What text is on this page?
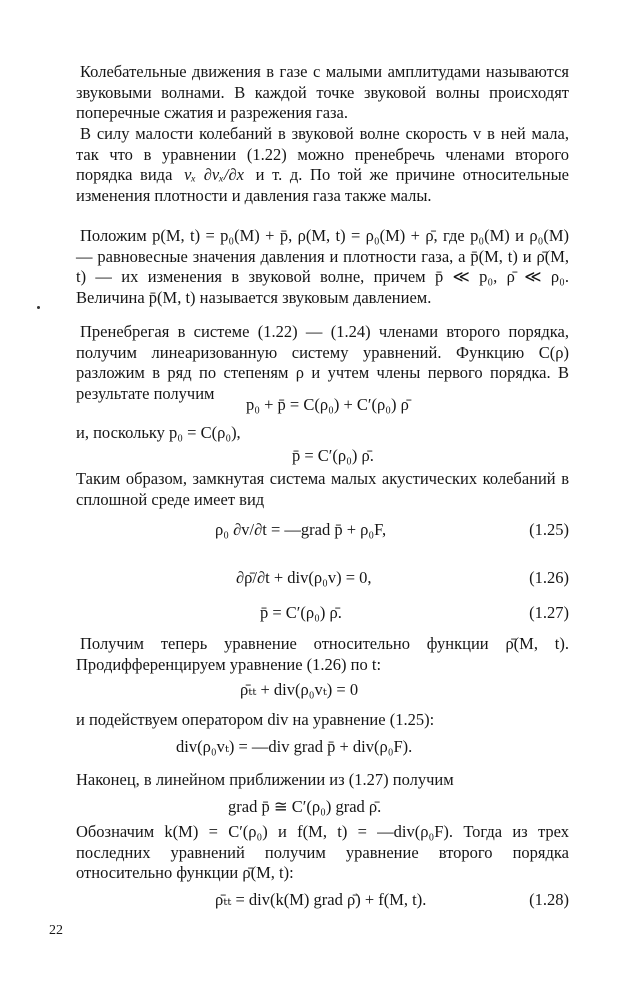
Колебательные движения в газе с малыми амплитудами называются звуковыми волнами. В каждой точке звуковой волны происходят поперечные сжатия и разрежения газа.

В силу малости колебаний в звуковой волне скорость v в ней мала, так что в уравнении (1.22) можно пренебречь членами второго порядка вида vₓ ∂vₓ/∂x и т. д. По той же причине относительные изменения плотности и давления газа также малы.

Положим p(M, t) = p₀(M) + p̄, ρ(M, t) = ρ₀(M) + ρ̄, где p₀(M) и ρ₀(M) — равновесные значения давления и плотности газа, а p̄(M, t) и ρ̄(M, t) — их изменения в звуковой волне, причем p̄ ≪ p₀, ρ̄ ≪ ρ₀. Величина p̄(M, t) называется звуковым давлением.

Пренебрегая в системе (1.22) — (1.24) членами второго порядка, получим линеаризованную систему уравнений. Функцию C(ρ) разложим в ряд по степеням ρ и учтем члены первого порядка. В результате получим

p₀ + p̄ = C(ρ₀) + C′(ρ₀) ρ̄

и, поскольку p₀ = C(ρ₀),

p̄ = C′(ρ₀) ρ̄.

Таким образом, замкнутая система малых акустических колебаний в сплошной среде имеет вид

ρ₀ ∂v/∂t = —grad p̄ + ρ₀F,	(1.25)
∂ρ̄/∂t + div(ρ₀v) = 0,	(1.26)
p̄ = C′(ρ₀) ρ̄.	(1.27)

Получим теперь уравнение относительно функции ρ̄(M, t). Продифференцируем уравнение (1.26) по t:

ρ̄ₜₜ + div(ρ₀vₜ) = 0

и подействуем оператором div на уравнение (1.25):

div(ρ₀vₜ) = —div grad p̄ + div(ρ₀F).

Наконец, в линейном приближении из (1.27) получим

grad p̄ ≅ C′(ρ₀) grad ρ̄.

Обозначим k(M) = C′(ρ₀) и f(M, t) = —div(ρ₀F). Тогда из трех последних уравнений получим уравнение второго порядка относительно функции ρ̄(M, t):

ρ̄ₜₜ = div(k(M) grad ρ̄) + f(M, t).	(1.28)
22
